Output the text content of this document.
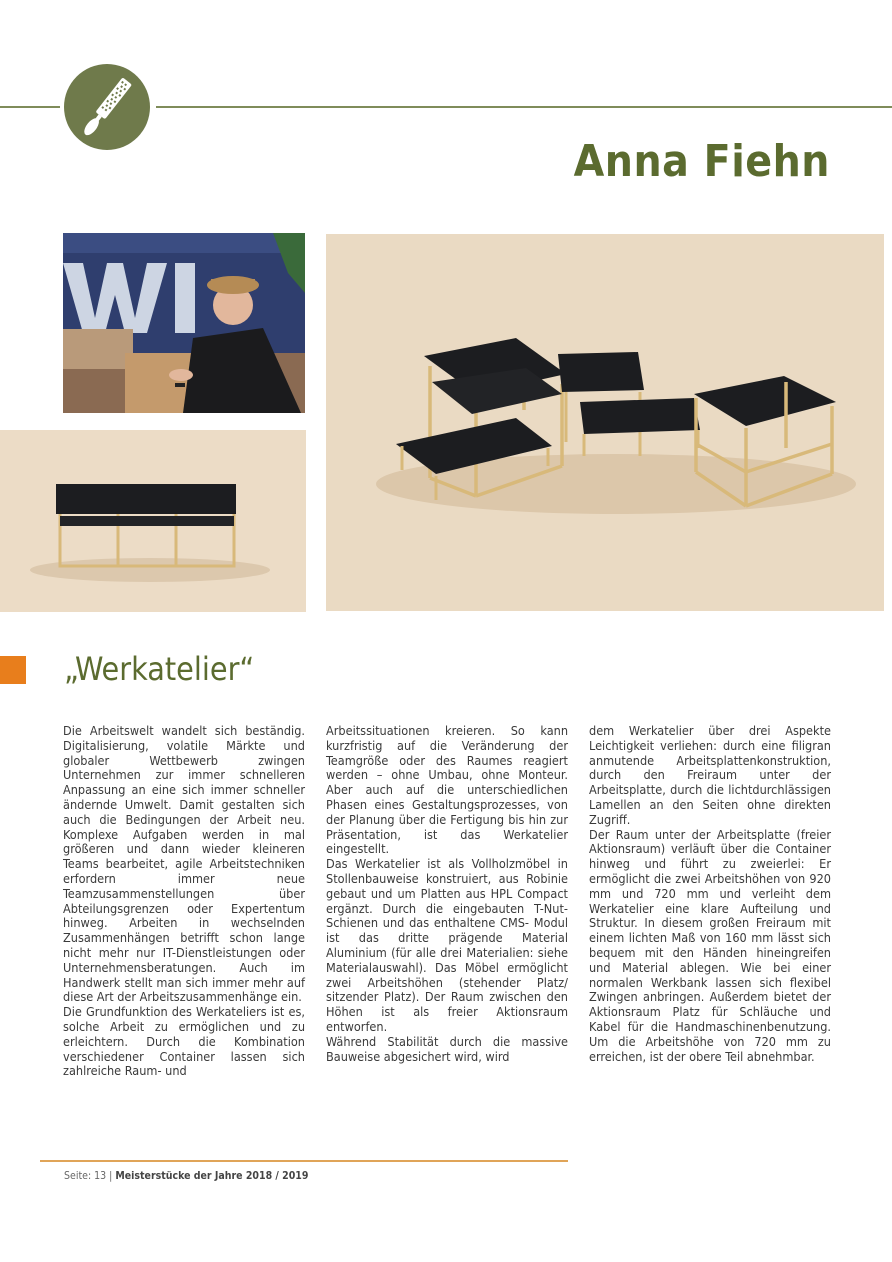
Anna Fiehn
„Werkatelier“

Die Arbeitswelt wandelt sich beständig. Digitalisierung, volatile Märkte und globaler Wettbewerb zwingen Unternehmen zur immer schnelleren Anpassung an eine sich immer schneller ändernde Umwelt. Damit gestalten sich auch die Bedingungen der Arbeit neu. Komplexe Aufgaben werden in mal größeren und dann wieder kleineren Teams bearbeitet, agile Arbeitstechniken erfordern immer neue Teamzusammenstellungen über Abteilungsgrenzen oder Expertentum hinweg. Arbeiten in wechselnden Zusammenhängen betrifft schon lange nicht mehr nur IT-Dienstleistungen oder Unternehmensberatungen. Auch im Handwerk stellt man sich immer mehr auf diese Art der Arbeitszusammenhänge ein.

Die Grundfunktion des Werkateliers ist es, solche Arbeit zu ermöglichen und zu erleichtern. Durch die Kombination verschiedener Container lassen sich zahlreiche Raum- und

Arbeitssituationen kreieren. So kann kurzfristig auf die Veränderung der Teamgröße oder des Raumes reagiert werden – ohne Umbau, ohne Monteur. Aber auch auf die unterschiedlichen Phasen eines Gestaltungsprozesses, von der Planung über die Fertigung bis hin zur Präsentation, ist das Werkatelier eingestellt.

Das Werkatelier ist als Vollholzmöbel in Stollenbauweise konstruiert, aus Robinie gebaut und um Platten aus HPL Compact ergänzt. Durch die eingebauten T-Nut-Schienen und das enthaltene CMS- Modul ist das dritte prägende Material Aluminium (für alle drei Materialien: siehe Materialauswahl). Das Möbel ermöglicht zwei Arbeitshöhen (stehender Platz/ sitzender Platz). Der Raum zwischen den Höhen ist als freier Aktionsraum entworfen.

Während Stabilität durch die massive Bauweise abgesichert wird, wird

dem Werkatelier über drei Aspekte Leichtigkeit verliehen: durch eine filigran anmutende Arbeitsplattenkonstruktion, durch den Freiraum unter der Arbeitsplatte, durch die lichtdurchlässigen Lamellen an den Seiten ohne direkten Zugriff.

Der Raum unter der Arbeitsplatte (freier Aktionsraum) verläuft über die Container hinweg und führt zu zweierlei: Er ermöglicht die zwei Arbeitshöhen von 920 mm und 720 mm und verleiht dem Werkatelier eine klare Aufteilung und Struktur. In diesem großen Freiraum mit einem lichten Maß von 160 mm lässt sich bequem mit den Händen hineingreifen und Material ablegen. Wie bei einer normalen Werkbank lassen sich flexibel Zwingen anbringen. Außerdem bietet der Aktionsraum Platz für Schläuche und Kabel für die Handmaschinenbenutzung. Um die Arbeitshöhe von 720 mm zu erreichen, ist der obere Teil abnehmbar.

Seite: 13 | Meisterstücke der Jahre 2018 / 2019
